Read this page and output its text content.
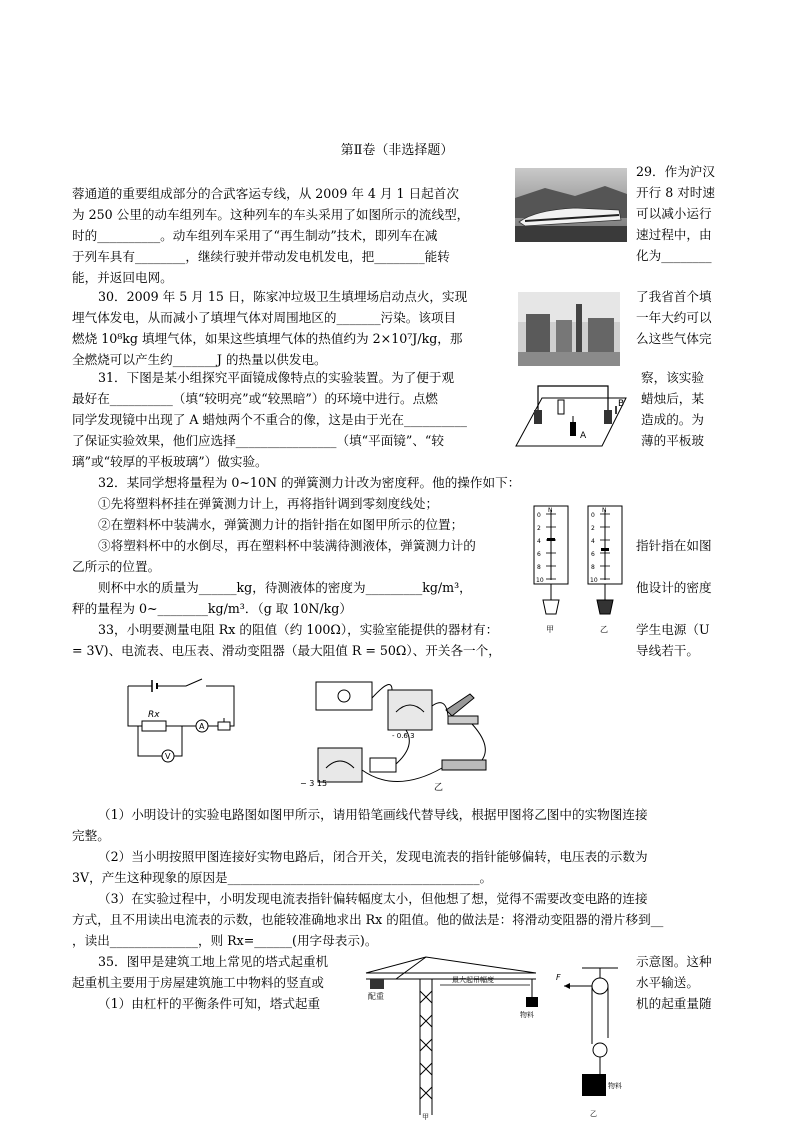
第Ⅱ卷（非选择题）
蓉通道的重要组成部分的合武客运专线，从 2009 年 4 月 1 日起首次
为 250 公里的动车组列车。这种列车的车头采用了如图所示的流线型，
时的__________。动车组列车采用了“再生制动”技术，即列车在减
于列车具有________，继续行驶并带动发电机发电，把________能转
能，并返回电网。
29．作为沪汉
开行 8 对时速
可以减小运行
速过程中，由
化为________
30．2009 年 5 月 15 日，陈家冲垃圾卫生填埋场启动点火，实现
埋气体发电，从而减小了填埋气体对周围地区的_______污染。该项目
燃烧 10⁸kg 填埋气体，如果这些填埋气体的热值约为 2×10⁷J/kg，那
全燃烧可以产生约_______J 的热量以供发电。
了我省首个填
一年大约可以
么这些气体完
31．下图是某小组探究平面镜成像特点的实验装置。为了便于观
最好在__________（填“较明亮”或“较黑暗”）的环境中进行。点燃
同学发现镜中出现了 A 蜡烛两个不重合的像，这是由于光在__________
了保证实验效果，他们应选择________________（填“平面镜”、“较
璃”或“较厚的平板玻璃”）做实验。
察，该实验
蜡烛后，某
造成的。为
薄的平板玻
A
B
32．某同学想将量程为 0~10N 的弹簧测力计改为密度秤。他的操作如下：
①先将塑料杯挂在弹簧测力计上，再将指针调到零刻度线处；
②在塑料杯中装满水，弹簧测力计的指针指在如图甲所示的位置；
③将塑料杯中的水倒尽，再在塑料杯中装满待测液体，弹簧测力计的
乙所示的位置。
则杯中水的质量为______kg，待测液体的密度为_________kg/m³，
秤的量程为 0~________kg/m³．（g 取 10N/kg）
指针指在如图
他设计的密度
0
2
4
6
8
10
N
甲
0
2
4
6
8
10
N
乙
33，小明要测量电阻 Rx 的阻值（约 100Ω），实验室能提供的器材有：
= 3V)、电流表、电压表、滑动变阻器（最大阻值 R = 50Ω）、开关各一个，
学生电源（U
导线若干。
Rx
A
V
- 0.6 3
− 3 15	乙
（1）小明设计的实验电路图如图甲所示，请用铅笔画线代替导线，根据甲图将乙图中的实物图连接
完整。
（2）当小明按照甲图连接好实物电路后，闭合开关，发现电流表的指针能够偏转，电压表的示数为
3V，产生这种现象的原因是________________________________________。
（3）在实验过程中，小明发现电流表指针偏转幅度太小，但他想了想，觉得不需要改变电路的连接
方式，且不用读出电流表的示数，也能较准确地求出 Rx 的阻值。他的做法是：将滑动变阻器的滑片移到__
，读出______________，则 Rx=______(用字母表示)。
35．图甲是建筑工地上常见的塔式起重机
起重机主要用于房屋建筑施工中物料的竖直或
（1）由杠杆的平衡条件可知，塔式起重
示意图。这种
水平输送。
机的起重量随
配重
最大起吊幅度
物料
甲
F
物料
乙
